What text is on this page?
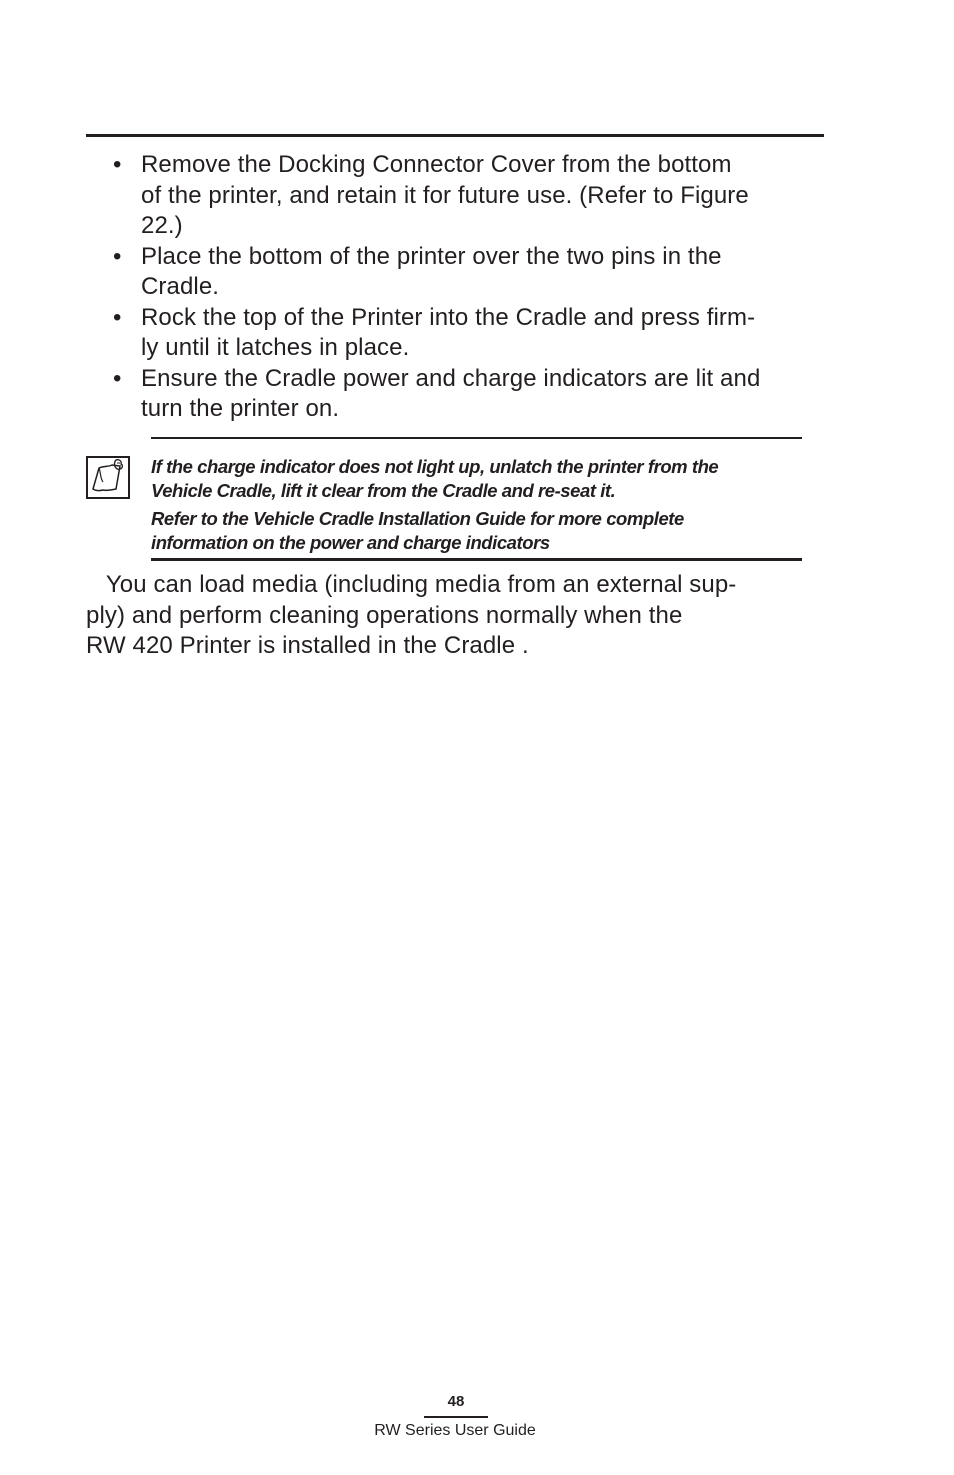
• Remove the Docking Connector Cover from the bottom
of the printer, and retain it for future use. (Refer to Figure
22.)
• Place the bottom of the printer over the two pins in the
Cradle.
• Rock the top of the Printer into the Cradle and press firm-
ly until it latches in place.
• Ensure the Cradle power and charge indicators are lit and
turn the printer on.

If the charge indicator does not light up, unlatch the printer from the
Vehicle Cradle, lift it clear from the Cradle and re-seat it.

Refer to the Vehicle Cradle Installation Guide for more complete
information on the power and charge indicators

You can load media (including media from an external sup-
ply) and perform cleaning operations normally when the
RW 420 Printer is installed in the Cradle .

48
RW Series User Guide
